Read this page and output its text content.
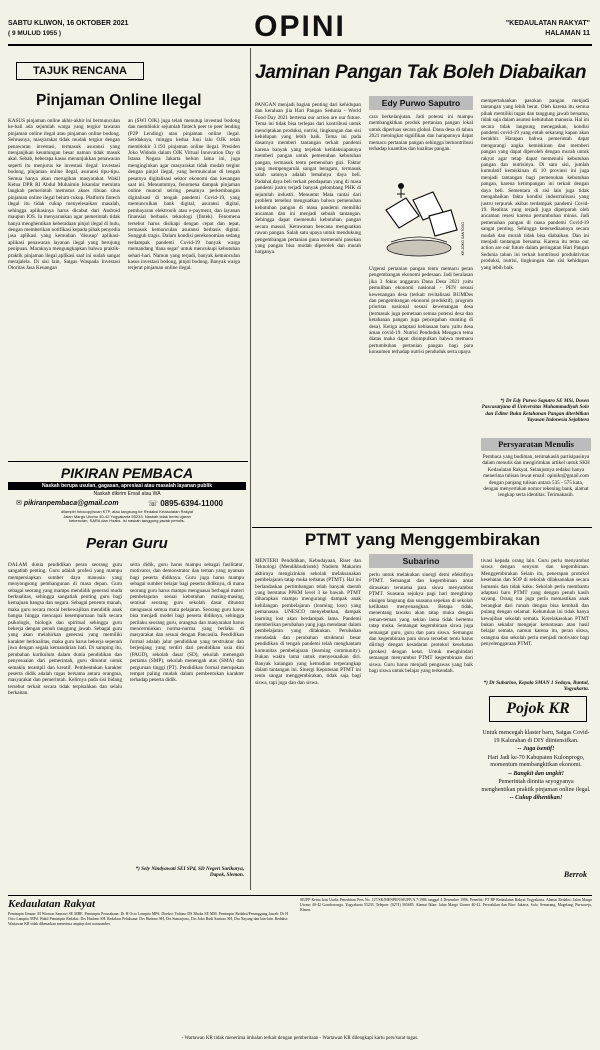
SABTU KLIWON, 16 OKTOBER 2021
( 9 MULUD 1955 )	OPINI	"KEDAULATAN RAKYAT"
HALAMAN 11
TAJUK RENCANA
Pinjaman Online Ilegal
KASUS pinjaman online akhir-akhir ini bermunculan ke-bali ada sejumlah warga yang tergiur tawaran pinjaman online ilegal atau pinjaman online bodong. Sehrusnya, masyarakat tidak mudah tergiur dengan penawaran investasi, termasuk asuransi yang menjanjikan keuntungan besar namun tidak masuk akal. Sebab, beberapa kasus menunjukkan penawaran seperti itu menjurus ke investasi ilegal: investasi bodong, pinjaman online ilegal, asuransi tipu-tipu. Semua hanya akan merugikan masyarakat. Wakil Ketua DPR RI Abdul Muhaimin Iskandar meminta langkah pemerintah memutus akses ribuan situs pinjaman online ilegal belum cukup. Platform fintech ilegal itu tidak cukup menyelesaikan masalah, sehingga aplikasinya harus dicabut dari Android maupun IOS. Ia menyarankan agar pemerintah tidak hanya menghentikan keberadaan pinjol ilegal di hulu, dengan memberikan notifikasi kepada pihak penyedia jasa aplikasi yang kemudian 'disusup' aplikasi-aplikasi penawaran layanan ilegal yang berujung penipuan. Maraknya mengungkapkan bahwa praktik-praktik pinjaman ilegal aplikasi saat ini sudah sangat merajalela. Di sisi lain, Satgas Waspada Investasi Otoritas Jasa Keuangan
an (SWI OJK) juga telah menutup investasi bodong dan memblokir sejumlah fintech peer to peer lending (P2P Lending) atau pinjaman online ilegal. Setidaknya, minggu kedua Juni lalu OJK telah memblokir 3.193 pinjaman online ilegal. Presiden Joko Widodo dalam OJK Virtual Innovation Day di Istana Negara Jakarta belum lama ini, juga menginginkan agar masyarakat tidak mudah tergiur dengan pinjol ilegal, yang bermuncalan di tengah pesatnya digitalisasi sektor ekonomi dan keuangan saat ini. Menuntutnya, fenomena dampak pinjaman online muncul seiring pesatnya perkembangan digitalisasi di tengah pandemi Covid-19, yang memunculkan bank digital, asuransi digital, pembayaran elektronik atau e-payment, dan layanan finansial berbasis teknologi (fintek). Fenomena tersebut harus disikapi dengan cepat dan tepat, termasuk kemunculan asuransi berbasis digital. Sungguh tragis. Dalam kondisi perekonomian sedang terdampak pandemi Covid-19 banyak warga memandang 'dana segar' untuk mencukupi kebutuhan sehari-hari. Namun yang terjadi, banyak kemunculan kasus investasi bodong, pinjol bodong. Banyak warga terjerat pinjaman online ilegal.
Jaminan Pangan Tak Boleh Diabaikan
PANGAN menjadi bagian penting dari kehidupan dan keraluan jiia Hari Pangan Sedunia - World Food Day 2021 bertema our action are our future. Tema ini tidak bisa terlepas dari kontribusi untuk menciptakan produksi, nutrisi, lingkungan dan sisi kehidupan yang lebih baik. Tema ini pada dasarnya memberi tantangan terkait pandemi karena banyak yang terjebak ketidaksiapannya memberi pangan untuk pemenuhan kebutuhan pangan, termasuk tentu pemenuhan gizi. Faktor yang mempengaruhi sangat beragam, termasuk salah satunya adalah lemahnya daya beli. Padahal,daya beli terkait pendapatan yang di masa pandemi justru terjadi banyak gelombang PHK di sejumlah industri. Menuntut Mata rantai dari problem tersebut menguatkan bahwa pemenuhan kebutuhan pangan di masa pandemi memiliki ancaman dan ini menjadi sebuah tantangan. Sehingga dapat memenuhi kebutuhan pangan secara massal. Kerawanan bencana menguatkan rawan pangan. Salah satu upaya untuk mendukung pengembangan pertanian guna memenuhi pasokan yang pangan bisa mudah diperoleh dan murah harganya.
Edy Purwo Saputro
cara berkelanjutan. Jadi potensi ini mampu membangkitkan produk pertanian pangan lokal untuk diperluas secara global. Dana desa di tahun 2021 meningkat signifikan dan harapannya dapat memacu pertanian pangan sehingga berkontribusi terhadap kuantitas dan kualitas pangan.
KR.JOKO SANTOSO
Urgensi pertanian pangan tentu memacu peran pengembangan ekonomi pedesaan. Jadi beralasan jika 3 fokus anggaran Dana Desa 2021 yaitu pemulihan ekonomi nasional - PEN sesuai kewenangan desa (terkait revitalisasi BUMDes dan pengembangan ekonomi produktif), program prioritas nasional sesuai kewenangan desa (termasuk juga pemetaan semua potensi desa dan ketahanan pangan juga pencegahan stunting di desa). Ketiga adaptasi kebiasaan baru yaitu desa aman covid-19. Nutrisi Penduduk Mengacu tema diatas maka dapat disimpulkan bahwa memacu pertumbuhan pertanian pangan bagi para konsumen terhadap nutrisi penduduk serta upaya
mempertahankan pasokan pangan menjadi tantangan yang lebih berat. Oleh karena itu semua pihak memiliki tugas dan tanggung jawab bersama, tidak saja dalam asumsi kebutuhan manusia. Hal ini secara tidak langsung menegaskan, kondisi pandemi covid-19 yang entah sekarang kapan akan berakhir. Harapan bahwa pemerintah dapat mengurangi angka kemiskinan dan memberi pangan yang dapat diperoleh dengan murah untuk rakyat agar tetap dapat memenuhi kebutuhan pangan dan nutrisinya. Di satu sisi, jumlah kumulatif kemiskinan di 10 provinsi ini juga menjadi tantangan bagi pemenuhan kebutuhan pangan, karena ketimpangan ini terkait dengan daya beli. Sementara di sisi lain juga tidak mengabaikan fakta kondisi industrialisasi yang justru terpuruk akibat terdampak pandemi Covid-19. Realitas yang terjadi juga diperparah oleh ancaman resesi karena pertumbuhan minus. Jadi pemenuhan pangan di masa pandemi Covid-19 sangat penting. Sehingga ketersediaannya secara mudah dan murah tidak bisa diabaikan. Dan ini menjadi tantangan bersama. Karena itu tema our action are our future dalam peringatan Hari Pangan Sedunia tahun ini terkait kontribusi produktivitas produksi, nutrisi, lingkungan dan sisi kehidupan yang lebih baik.
*) Dr Edy Purwo Saputro SE MSi, Dosen Pascasarjana di Universitas Muhammadiyah Solo dan Editor Buku Ketahanan Pangan diterbitkan Yayasan Indonesia Sejahtera
Persyaratan Menulis
Pembaca yang budiman, terimakasih partisipasinya dalam menulis dan mengirimkan artikel untuk SKH Kedaulatan Rakyat. Selanjutnya redaksi hanya menerima tulisan lewat email: opinikr@gmail.com dengan panjang tulisan antara 535 - 575 kata, dengan menyertakan nomor rekening bank, alamat lengkap serta identitas. Terimakasih.
PIKIRAN PEMBACA
Naskah berupa usulan, gagasan, apresiasi atau masalah layanan publik
Naskah dikirim Email atau WA
✉ pikiranpembaca@gmail.com	☏ 0895-6394-11000
dilampiri fotocopy/scan KTP, atau langsung ke Redaksi Kedaulatan Rakyat
Jalan Margo Utomo 40-42 Yogyakarta 55233. Naskah tidak berisi ujaran
kebencian, SARA dan Hoaks. Isi naskah tanggung jawab penulis.
Peran Guru
DALAM dunia pendidikan peran seorang guru sangatlah penting. Guru adalah profesi yang mampu mempersiapkan sumber daya manusia yang menyongsong pembangunan di masa depan. Guru sebagai seorang yang mampu mendidik generasi muda berkualitas, sehingga sangatlah penting guru bagi kemajuan bangsa dan negara. Sebagai penentu manah, maka guru secara moral berkewajiban mendidik anak bangsa hingga mencapai kesempurnaan baik secara psikologis, biologis dan spiritual sehingga guru bekerja dengan penuh tanggung jawab. Sebagai guru yang akan melahirkan generasi yang memiliki karakter berkualitas, maka guru harus bekerja sepenuh jiwa dengan segala kemandirian hati. Di samping itu, perubahan kurikulum dalam dunia pendidikan dan penyesuaian dari pemerintah, guru dituntut untuk semakin terampil dan kreatif. Pembentukan karakter peserta didik adalah tugas bersama antara orangtua, masyarakat dan pemerintah. Kelirnya pada sisi bidang tersebut terkait secara tidak terpisahkan dan selalu berkaitan.
serta didik, guru harus mampu sebagai fasilitator, motivator, dan demonstrator dan teman yang nyaman bagi peserta didiknya. Guru juga harus mampu sebagai sumber belajar bagi peserta didiknya, di mana seorang guru harus mampu menguasai berbagai materi pembelajaran sesuai kebutuhan masing-masing, semisal seorang guru sekolah dasar dituntut menguasai semua mata pelajaran. Seorang guru harus bisa menjadi model bagi peserta didiknya, sehingga perilaku seorang guru, orangtua dan masyarakat harus mencerminkan norma-norma yang berlaku di masyarakat dan sesuai dengan Pancasila. Pendidikan formal adalah jalur pendidikan yang terstruktur dan berjenjang yang terdiri dari pendidikan usia dini (PAUD), sekolah dasar (SD), sekolah menengah pertama (SMP), sekolah menengah atas (SMA) dan perguruan tinggi (PT). Pendidikan formal merupakan tempat paling mudah dalam pembentukan karakter terhadap peserta didik.
*) Sely Nindyawati SEI SPd, SD Negeri Sarikarya, Dapok, Sleman.
PTMT yang Menggembirakan
MENTERI Pendidikan, Kebudayaan, Riset dan Teknologi (Mendikbudristek) Nadiem Makarim akhirnya mengizinkan sekolah melaksanakan pembelajaran tatap muka terbatas (PTMT). Hal ini berlandaskan pertimbangan telah banyak daerah yang berstatus PPKM level 3 ke bawah. PTMT diharapkan mampu mengurangi dampak anak kehilangan pembelajaran (learning loss) yang pemanasan. UNESCO menyebutkan, dampak learning lost akan berdampak lama. Pandemi memberikan perubahan yang juga mendasar dalam pembelajaran yang dilakukan. Perubahan mendadak dan perubahan struktural besar pendidikan di tengah pandemi telah menghantam komunitas pembelajaran (learning community). Bukan waktu lama untuk menyesuaikan diri. Banyak kalangan yang kemudian terperangkap dalam tantangan ini. Sinergi Keputusan PTMT ini tentu sangat menggembirakan, tidak saja bagi siswa, tapi juga dan dan siswa.
Subarino
perlu untuk melakukan sinergi demi efektifnya PTMT. Semangat dan kegembiraan amat dirasakan terutama para siswa menyambut PTMT. Suasana sejukya pagi hari menghirup oksigen langsung dan suasana sepekan di sekolah kelihatan menyenangkan. Betapa tidak, menentang tawaku akan tatap muka dengan teman-teman yang sekian lama tidak bertemu tatap muka. Semangat kegembiraan siswa juga semangat guru, guru dan para siswa. Semangat dan kegembiraan para siswa tersebut tentu harus diiringi dengan kesadaran protokol kesehatan (prokes) dengan ketat. Untuk menghindari semangat menyambut PTMT kegembiraan dari siswa. Guru harus menjadi pengawas yang baik bagi siswa untuk belajar yang terkendali.
tivasi kepada orang lain. Guru perlu menyambut siswa dengan senyum dan kegembiraan. Menggembirakan Selain itu, penerapan protokol kesehatan dan SOP di sekolah dilaksanakan secara humanis dan tidak kaku. Sekolah perlu membantu adaptasi baru PTMT yang dengan penuh kasih sayang. Orang tua juga perlu memastikan anak berangkat dari rumah dengan bisa kembali dan pulang dengan selamat. Kebutuhan ini tidak hanya kewajiban sekolah semata. Kerelakasokan PTMT bukan sekadar mengejar ketuntasan atau hasil belajar semata, namun karena itu, peran siswa, orangtua dan sekolah perlu menjadi motivator bagi penyelenggaraan PTMT.
*) Dr Subarino, Kepala SMAN 1 Sedayu, Bantul, Yogyakarta.
Pojok KR

Untuk mencegah klaster baru, Satgas Covid-19 Kalurahan di DIY diintensifkan.

-- Juga isentif!

Hari Jadi ke-70 Kabupaten Kulonprogo, momentum membangkitkan ekonomi.

-- Bangkit dan ungkit!

Pemerintah dinnita seyogyanya menghentikan praktik pinjaman online ilegal.

-- Cukup dihentikan!

Berrok
Kedaulatan Rakyat
Pemimpin Umum: M Wirmon Samawi SE MBE. Pemimpin Perusahaan: Dr H Octo Lampito MPd. Direksi: Yuliano DS Bhoka SE MM. Pemimpin Redaksi/Penanggung Jawab: Dr H Octo Lampito MPd. Wakil Pemimpin Redaksi: Drs Hudono SH. Redaktur Pelaksana: Drs Hudono SH, Drs Sumarjono, Drs Joko Budi Santoso SH, Dra Nayang dan lain-lain. Redaksi: Wartawan KR tidak dibenarkan menerima amplop dari narasumber.
SIUPP Ketua Izin Usaha Penerbitan Pers No. 127/SK/MENPEN/SIUPP/A.7/1986 tanggal 4 Desember 1986. Penerbit: PT BP Kedaulatan Rakyat Yogyakarta. Alamat Redaksi: Jalan Margo Utomo 40-42 Gondowongo, Yogyakarta 55233. Telepon: (0274) 565685. Alamat Iklan: Jalan Margo Utomo 40-42. Perwakilan dan Biro: Jakarta, Solo, Semarang, Magelang, Purworejo, Klaten.
- Wartawan KR tidak menerima imbalan terkait dengan pemberitaan - Wartawan KR dilengkapi kartu pers/surat tugas.
